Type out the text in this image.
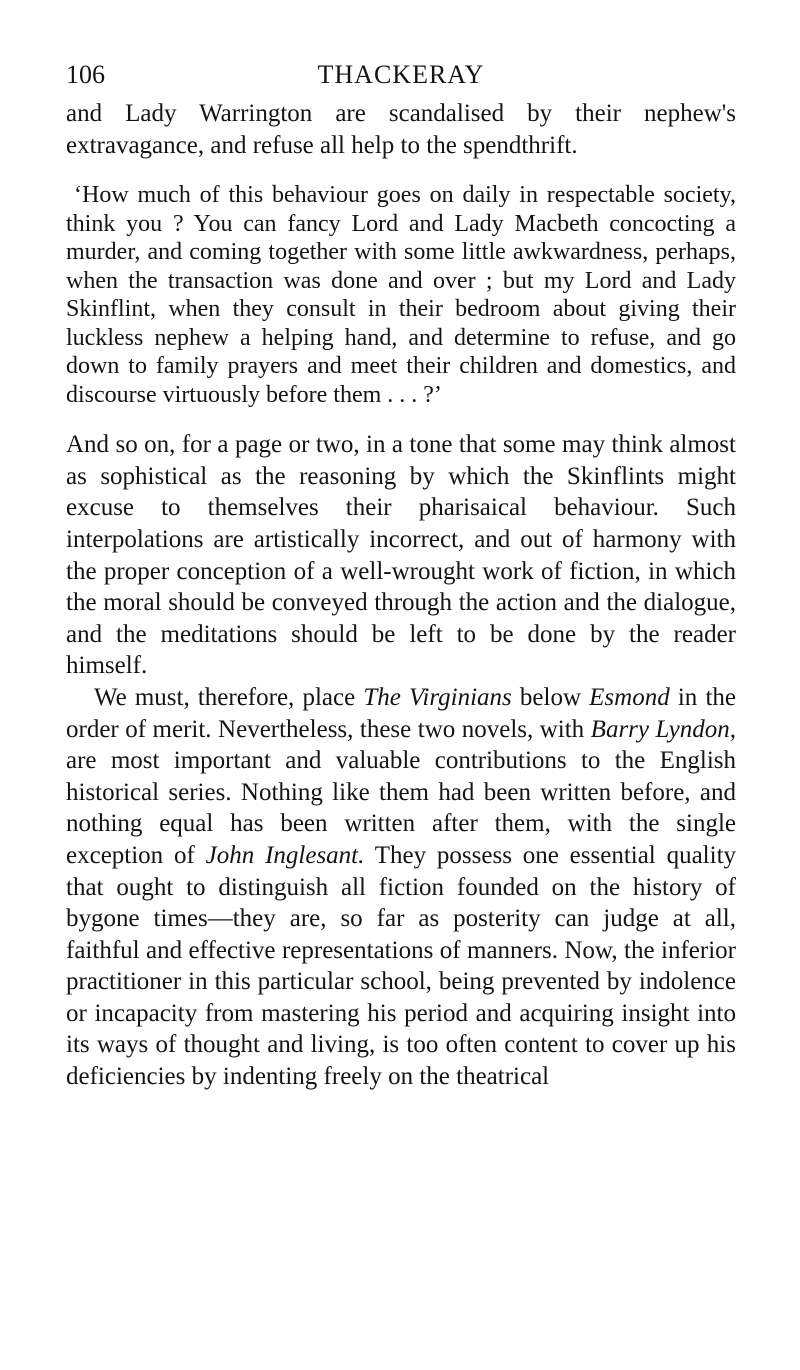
106	THACKERAY

and Lady Warrington are scandalised by their nephew's extravagance, and refuse all help to the spendthrift.

‘How much of this behaviour goes on daily in respectable society, think you ? You can fancy Lord and Lady Macbeth concocting a murder, and coming together with some little awkwardness, perhaps, when the transaction was done and over ; but my Lord and Lady Skinflint, when they consult in their bedroom about giving their luckless nephew a helping hand, and determine to refuse, and go down to family prayers and meet their children and domestics, and discourse virtuously before them . . . ?’

And so on, for a page or two, in a tone that some may think almost as sophistical as the reasoning by which the Skinflints might excuse to themselves their pharisaical behaviour. Such interpolations are artistically incorrect, and out of harmony with the proper conception of a well-wrought work of fiction, in which the moral should be conveyed through the action and the dialogue, and the meditations should be left to be done by the reader himself.

We must, therefore, place The Virginians below Esmond in the order of merit. Nevertheless, these two novels, with Barry Lyndon, are most important and valuable contributions to the English historical series. Nothing like them had been written before, and nothing equal has been written after them, with the single exception of John Inglesant. They possess one essential quality that ought to distinguish all fiction founded on the history of bygone times—they are, so far as posterity can judge at all, faithful and effective representations of manners. Now, the inferior practitioner in this particular school, being prevented by indolence or incapacity from mastering his period and acquiring insight into its ways of thought and living, is too often content to cover up his deficiencies by indenting freely on the theatrical
